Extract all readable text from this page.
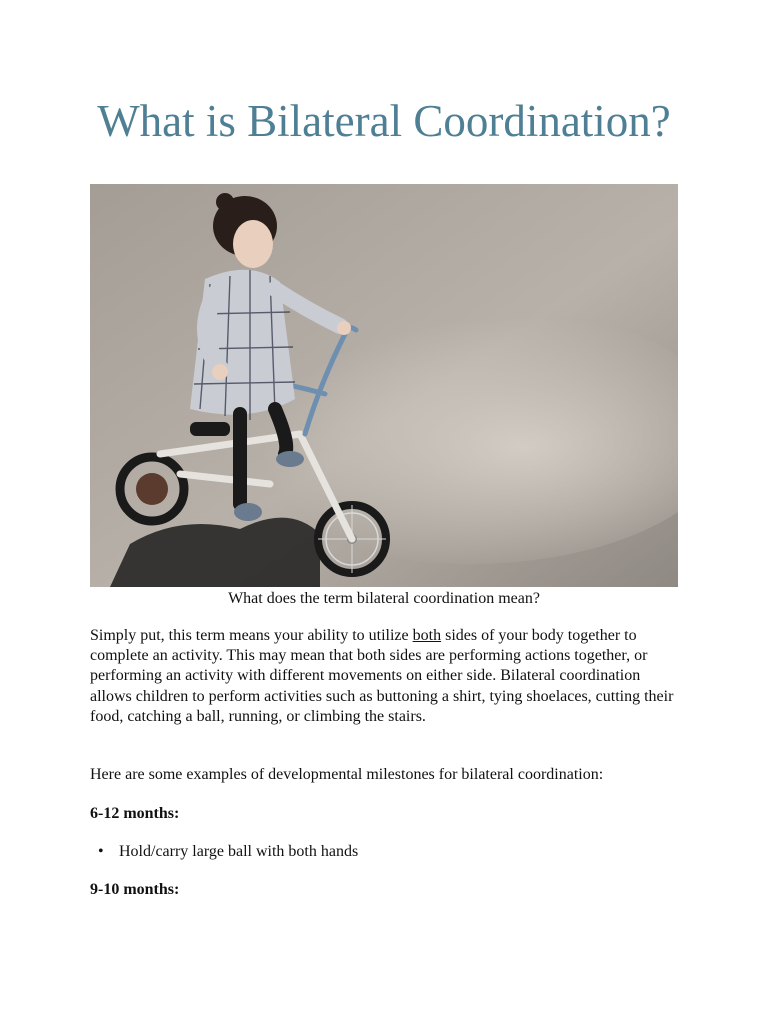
What is Bilateral Coordination?
What does the term bilateral coordination mean?

Simply put, this term means your ability to utilize both sides of your body together to complete an activity. This may mean that both sides are performing actions together, or performing an activity with different movements on either side. Bilateral coordination allows children to perform activities such as buttoning a shirt, tying shoelaces, cutting their food, catching a ball, running, or climbing the stairs.

Here are some examples of developmental milestones for bilateral coordination:

6-12 months:
• Hold/carry large ball with both hands
9-10 months:
